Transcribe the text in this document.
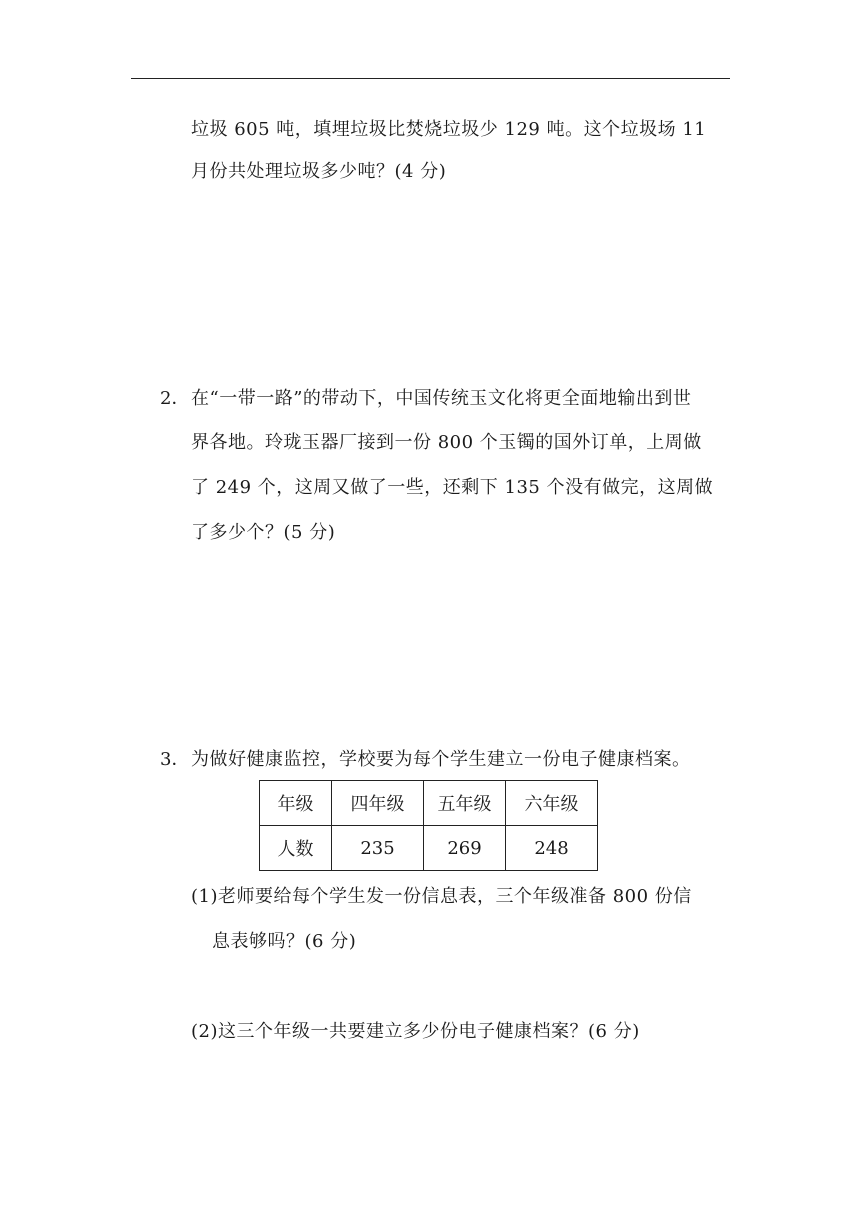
垃圾 605 吨，填埋垃圾比焚烧垃圾少 129 吨。这个垃圾场 11
月份共处理垃圾多少吨？(4 分)
2． 在“一带一路”的带动下，中国传统玉文化将更全面地输出到世
界各地。玲珑玉器厂接到一份 800 个玉镯的国外订单，上周做
了 249 个，这周又做了一些，还剩下 135 个没有做完，这周做
了多少个？(5 分)
3． 为做好健康监控，学校要为每个学生建立一份电子健康档案。
年级	四年级	五年级	六年级
人数	235	269	248
(1)老师要给每个学生发一份信息表，三个年级准备 800 份信
息表够吗？(6 分)
(2)这三个年级一共要建立多少份电子健康档案？(6 分)
